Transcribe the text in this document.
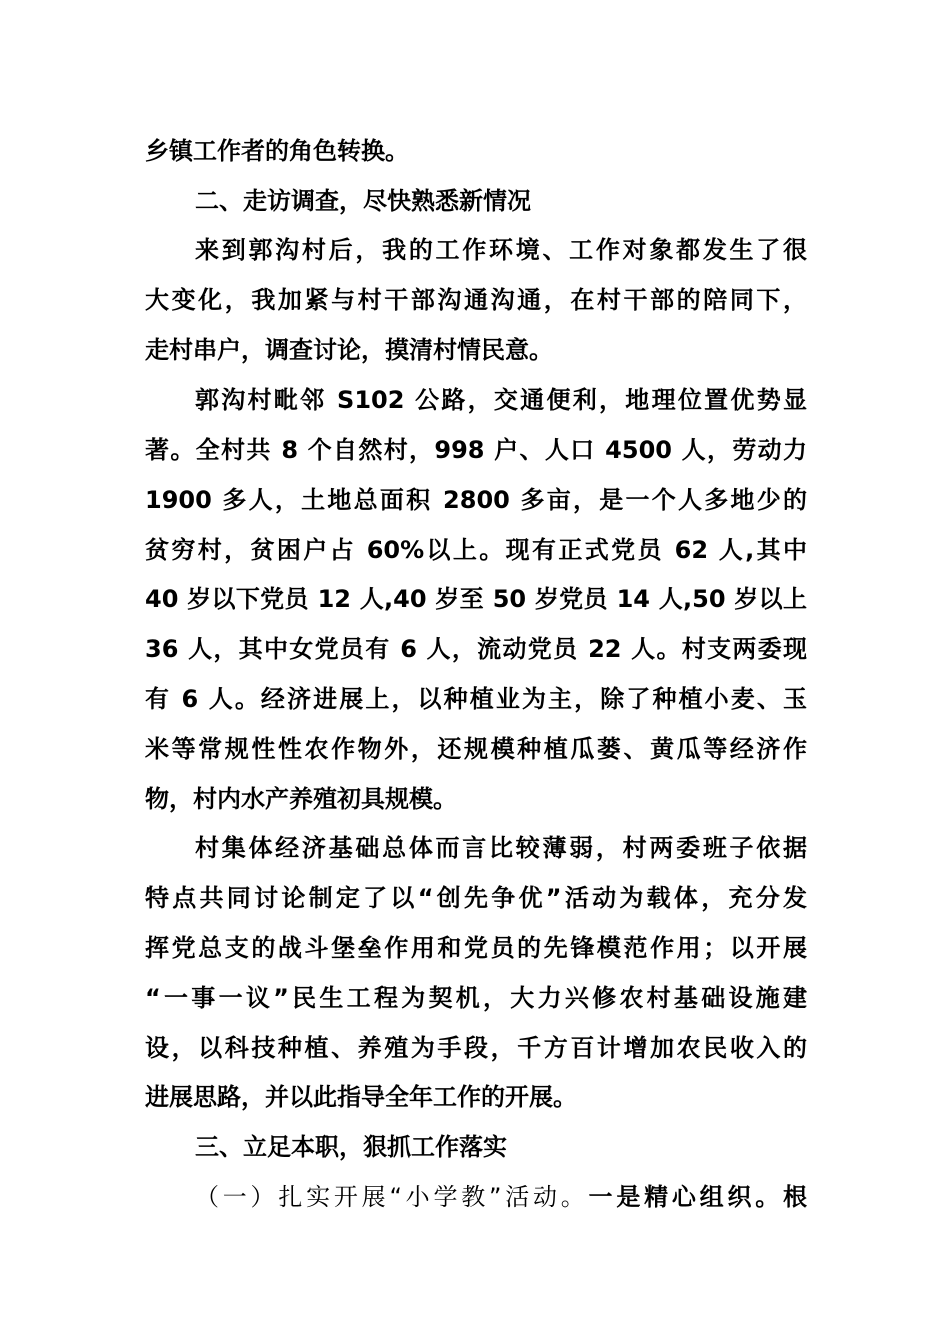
乡镇工作者的角色转换。
二、走访调查，尽快熟悉新情况
来到郭沟村后，我的工作环境、工作对象都发生了很
大变化，我加紧与村干部沟通沟通，在村干部的陪同下，
走村串户，调查讨论，摸清村情民意。
郭沟村毗邻 S102 公路，交通便利，地理位置优势显
著。全村共 8 个自然村，998 户、人口 4500 人，劳动力
1900 多人，土地总面积 2800 多亩，是一个人多地少的
贫穷村，贫困户占 60%以上。现有正式党员 62 人,其中
40 岁以下党员 12 人,40 岁至 50 岁党员 14 人,50 岁以上
36 人，其中女党员有 6 人，流动党员 22 人。村支两委现
有 6 人。经济进展上，以种植业为主，除了种植小麦、玉
米等常规性性农作物外，还规模种植瓜蒌、黄瓜等经济作
物，村内水产养殖初具规模。
村集体经济基础总体而言比较薄弱，村两委班子依据
特点共同讨论制定了以“创先争优”活动为载体，充分发
挥党总支的战斗堡垒作用和党员的先锋模范作用；以开展
“一事一议”民生工程为契机，大力兴修农村基础设施建
设，以科技种植、养殖为手段，千方百计增加农民收入的
进展思路，并以此指导全年工作的开展。
三、立足本职，狠抓工作落实
（一）扎实开展“小学教”活动。一是精心组织。根
